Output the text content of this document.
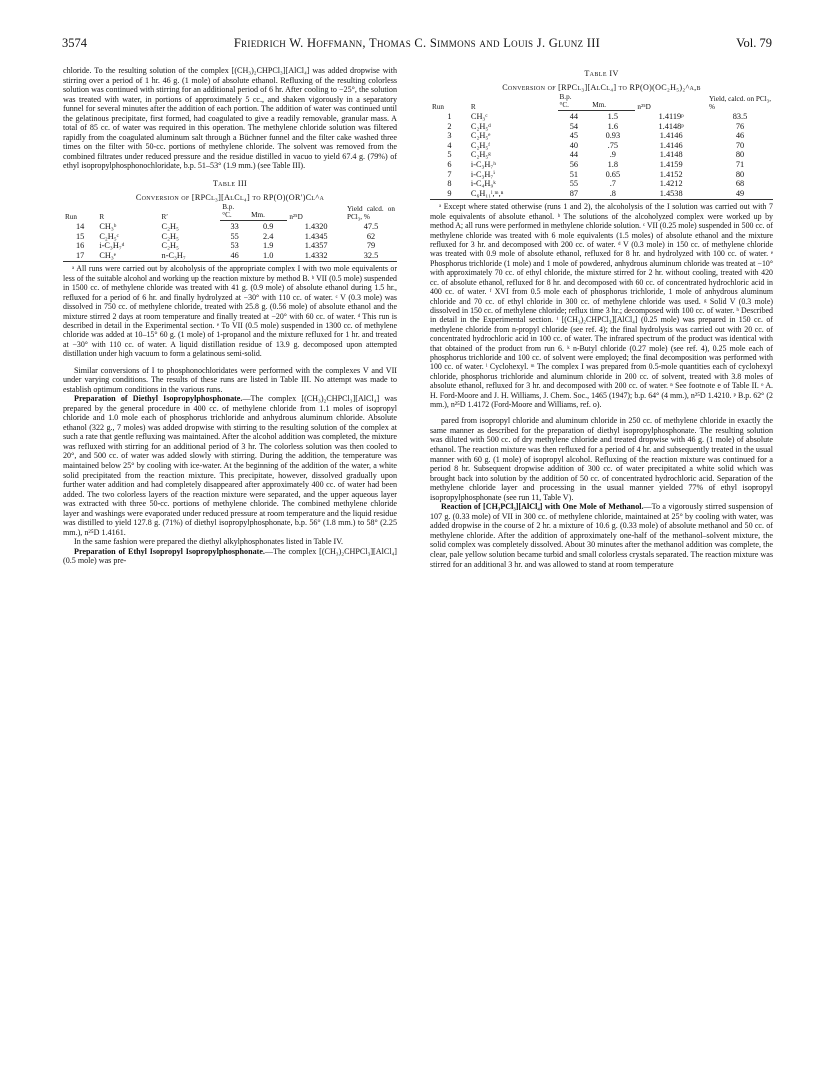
3574	Friedrich W. Hoffmann, Thomas C. Simmons and Louis J. Glunz III	Vol. 79

chloride. To the resulting solution of the complex [(CH₃)₂CHPCl₃][AlCl₄] was added dropwise with stirring over a period of 1 hr. 46 g. (1 mole) of absolute ethanol. Refluxing of the resulting colorless solution was continued with stirring for an additional period of 6 hr. After cooling to −25°, the solution was treated with water, in portions of approximately 5 cc., and shaken vigorously in a separatory funnel for several minutes after the addition of each portion. The addition of water was continued until the gelatinous precipitate, first formed, had coagulated to give a readily removable, granular mass. A total of 85 cc. of water was required in this operation. The methylene chloride solution was filtered rapidly from the coagulated aluminum salt through a Büchner funnel and the filter cake washed three times on the filter with 50-cc. portions of methylene chloride. The solvent was removed from the combined filtrates under reduced pressure and the residue distilled in vacuo to yield 67.4 g. (79%) of ethyl isopropylphosphonochloridate, b.p. 51–53° (1.9 mm.) (see Table III).

Table III
Conversion of [RPCl₃][AlCl₄] to RP(O)(OR′)Cl^a
Run	R	R′	B.p.		n²⁵D	Yield calcd. on PCl₃, %
			°C.	Mm.		
14	CH₃ᵇ	C₂H₅	33	0.9	1.4320	47.5
15	C₂H₅ᶜ	C₂H₅	55	2.4	1.4345	62
16	i-C₃H₇ᵈ	C₂H₅	53	1.9	1.4357	79
17	CH₃ᵉ	n-C₃H₇	46	1.0	1.4332	32.5
ᵃ All runs were carried out by alcoholysis of the appropriate complex I with two mole equivalents or less of the suitable alcohol and working up the reaction mixture by method B. ᵇ VII (0.5 mole) suspended in 1500 cc. of methylene chloride was treated with 41 g. (0.9 mole) of absolute ethanol during 1.5 hr., refluxed for a period of 6 hr. and finally hydrolyzed at −30° with 110 cc. of water. ᶜ V (0.3 mole) was dissolved in 750 cc. of methylene chloride, treated with 25.8 g. (0.56 mole) of absolute ethanol and the mixture stirred 2 days at room temperature and finally treated at −20° with 60 cc. of water. ᵈ This run is described in detail in the Experimental section. ᵉ To VII (0.5 mole) suspended in 1300 cc. of methylene chloride was added at 10–15° 60 g. (1 mole) of 1-propanol and the mixture refluxed for 1 hr. and treated at −30° with 110 cc. of water. A liquid distillation residue of 13.9 g. decomposed upon attempted distillation under high vacuum to form a gelatinous semi-solid.

Similar conversions of I to phosphonochloridates were performed with the complexes V and VII under varying conditions. The results of these runs are listed in Table III. No attempt was made to establish optimum conditions in the various runs.

Preparation of Diethyl Isopropylphosphonate.—The complex [(CH₃)₂CHPCl₃][AlCl₄] was prepared by the general procedure in 400 cc. of methylene chloride from 1.1 moles of isopropyl chloride and 1.0 mole each of phosphorus trichloride and anhydrous aluminum chloride. Absolute ethanol (322 g., 7 moles) was added dropwise with stirring to the resulting solution of the complex at such a rate that gentle refluxing was maintained. After the alcohol addition was completed, the mixture was refluxed with stirring for an additional period of 3 hr. The colorless solution was then cooled to 20°, and 500 cc. of water was added slowly with stirring. During the addition, the temperature was maintained below 25° by cooling with ice-water. At the beginning of the addition of the water, a white solid precipitated from the reaction mixture. This precipitate, however, dissolved gradually upon further water addition and had completely disappeared after approximately 400 cc. of water had been added. The two colorless layers of the reaction mixture were separated, and the upper aqueous layer was extracted with three 50-cc. portions of methylene chloride. The combined methylene chloride layer and washings were evaporated under reduced pressure at room temperature and the liquid residue was distilled to yield 127.8 g. (71%) of diethyl isopropylphosphonate, b.p. 56° (1.8 mm.) to 58° (2.25 mm.), n²⁵D 1.4161.

In the same fashion were prepared the diethyl alkylphosphonates listed in Table IV.

Preparation of Ethyl Isopropyl Isopropylphosphonate.—The complex [(CH₃)₂CHPCl₃][AlCl₄] (0.5 mole) was pre-

Table IV
Conversion of [RPCl₃][AlCl₄] to RP(O)(OC₂H₅)₂^a,b
Run	R	B.p.		n²⁵D	Yield, calcd. on PCl₃, %
		°C.	Mm.		
1	CH₃ᶜ	44	1.5	1.4119ᵖ	83.5
2	C₂H₅ᵈ	54	1.6	1.4148ᵖ	76
3	C₂H₅ᵉ	45	0.93	1.4146	46
4	C₂H₅ᶠ	40	.75	1.4146	70
5	C₂H₅ᵍ	44	.9	1.4148	80
6	i-C₃H₇ʰ	56	1.8	1.4159	71
7	i-C₃H₇ⁱ	51	0.65	1.4152	80
8	i-C₄H₉ᵏ	55	.7	1.4212	68
9	C₆H₁₁ˡ,ᵐ,ⁿ	87	.8	1.4538	49
ᵃ Except where stated otherwise (runs 1 and 2), the alcoholysis of the I solution was carried out with 7 mole equivalents of absolute ethanol. ᵇ The solutions of the alcoholyzed complex were worked up by method A; all runs were performed in methylene chloride solution. ᶜ VII (0.25 mole) suspended in 500 cc. of methylene chloride was treated with 6 mole equivalents (1.5 moles) of absolute ethanol and the mixture refluxed for 3 hr. and decomposed with 200 cc. of water. ᵈ V (0.3 mole) in 150 cc. of methylene chloride was treated with 0.9 mole of absolute ethanol, refluxed for 8 hr. and hydrolyzed with 100 cc. of water. ᵉ Phosphorus trichloride (1 mole) and 1 mole of powdered, anhydrous aluminum chloride was treated at −10° with approximately 70 cc. of ethyl chloride, the mixture stirred for 2 hr. without cooling, treated with 420 cc. of absolute ethanol, refluxed for 8 hr. and decomposed with 60 cc. of concentrated hydrochloric acid in 400 cc. of water. ᶠ XVI from 0.5 mole each of phosphorus trichloride, 1 mole of anhydrous aluminum chloride and 70 cc. of ethyl chloride in 300 cc. of methylene chloride was used. ᵍ Solid V (0.3 mole) dissolved in 150 cc. of methylene chloride; reflux time 3 hr.; decomposed with 100 cc. of water. ʰ Described in detail in the Experimental section. ⁱ [(CH₃)₂CHPCl₃][AlCl₄] (0.25 mole) was prepared in 150 cc. of methylene chloride from n-propyl chloride (see ref. 4); the final hydrolysis was carried out with 20 cc. of concentrated hydrochloric acid in 100 cc. of water. The infrared spectrum of the product was identical with that obtained of the product from run 6. ᵏ n-Butyl chloride (0.27 mole) (see ref. 4), 0.25 mole each of phosphorus trichloride and 100 cc. of solvent were employed; the final decomposition was performed with 100 cc. of water. ˡ Cyclohexyl. ᵐ The complex I was prepared from 0.5-mole quantities each of cyclohexyl chloride, phosphorus trichloride and aluminum chloride in 200 cc. of solvent, treated with 3.8 moles of absolute ethanol, refluxed for 3 hr. and decomposed with 200 cc. of water. ⁿ See footnote e of Table II. ᵒ A. H. Ford-Moore and J. H. Williams, J. Chem. Soc., 1465 (1947); b.p. 64° (4 mm.), n²⁵D 1.4210. ᵖ B.p. 62° (2 mm.), n²⁵D 1.4172 (Ford-Moore and Williams, ref. o).

pared from isopropyl chloride and aluminum chloride in 250 cc. of methylene chloride in exactly the same manner as described for the preparation of diethyl isopropylphosphonate. The resulting solution was diluted with 500 cc. of dry methylene chloride and treated dropwise with 46 g. (1 mole) of absolute ethanol. The reaction mixture was then refluxed for a period of 4 hr. and subsequently treated in the usual manner with 60 g. (1 mole) of isopropyl alcohol. Refluxing of the reaction mixture was continued for a period 8 hr. Subsequent dropwise addition of 300 cc. of water precipitated a white solid which was brought back into solution by the addition of 50 cc. of concentrated hydrochloric acid. Separation of the methylene chloride layer and processing in the usual manner yielded 77% of ethyl isopropyl isopropylphosphonate (see run 11, Table V).

Reaction of [CH₃PCl₃][AlCl₄] with One Mole of Methanol.—To a vigorously stirred suspension of 107 g. (0.33 mole) of VII in 300 cc. of methylene chloride, maintained at 25° by cooling with water, was added dropwise in the course of 2 hr. a mixture of 10.6 g. (0.33 mole) of absolute methanol and 50 cc. of methylene chloride. After the addition of approximately one-half of the methanol–solvent mixture, the solid complex was completely dissolved. About 30 minutes after the methanol addition was complete, the clear, pale yellow solution became turbid and small colorless crystals separated. The reaction mixture was stirred for an additional 3 hr. and was allowed to stand at room temperature
